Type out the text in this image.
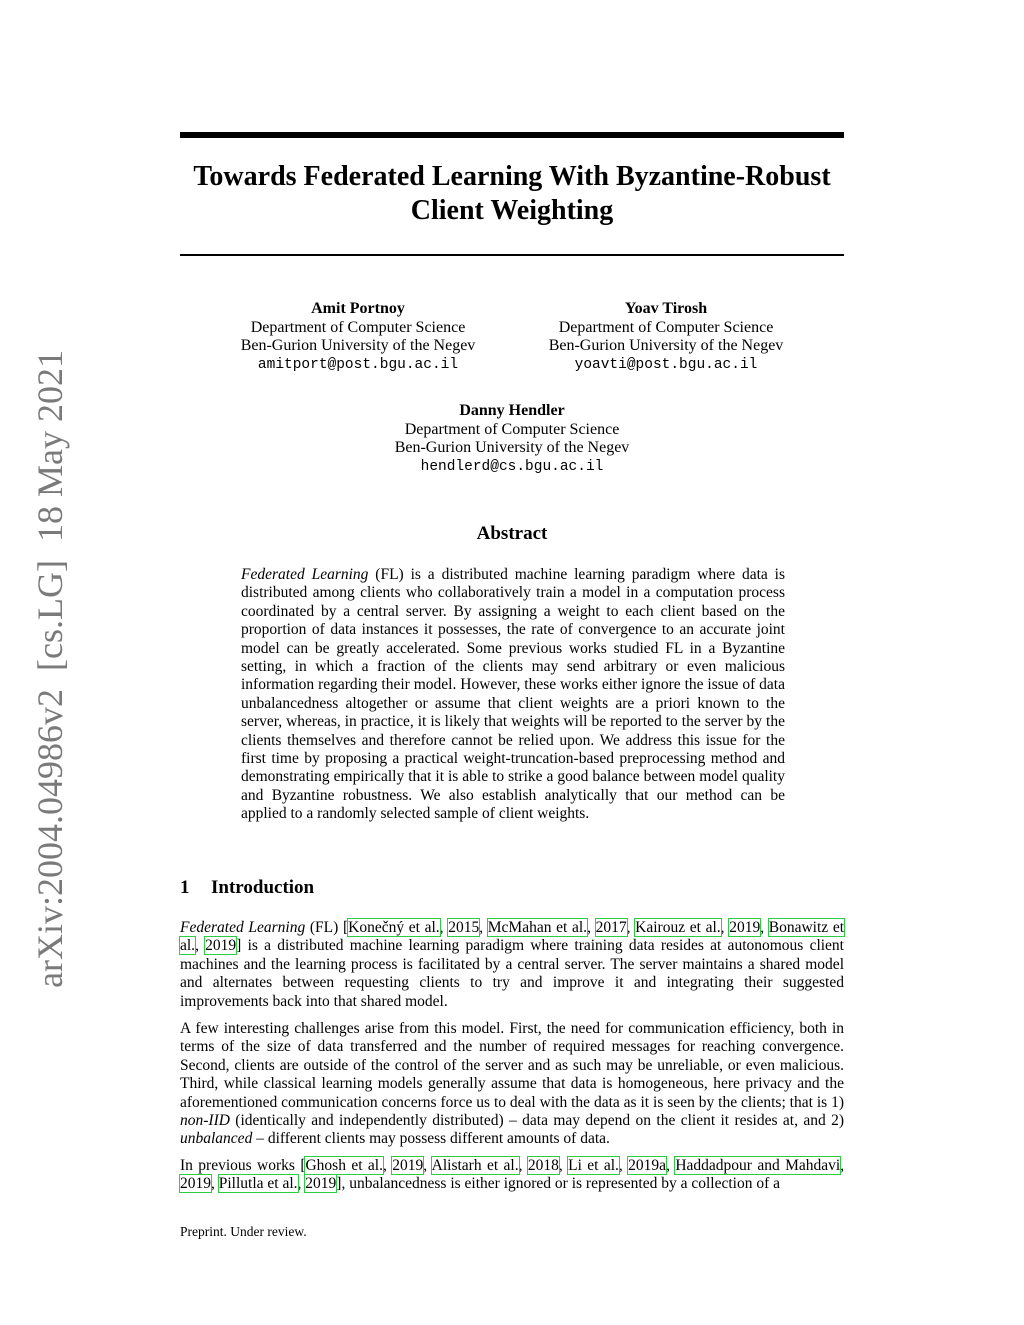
arXiv:2004.04986v2  [cs.LG]  18 May 2021
Towards Federated Learning With Byzantine-Robust
Client Weighting
Amit Portnoy
Department of Computer Science
Ben-Gurion University of the Negev
amitport@post.bgu.ac.il
Yoav Tirosh
Department of Computer Science
Ben-Gurion University of the Negev
yoavti@post.bgu.ac.il
Danny Hendler
Department of Computer Science
Ben-Gurion University of the Negev
hendlerd@cs.bgu.ac.il
Abstract
Federated Learning (FL) is a distributed machine learning paradigm where data is distributed among clients who collaboratively train a model in a computation process coordinated by a central server. By assigning a weight to each client based on the proportion of data instances it possesses, the rate of convergence to an accurate joint model can be greatly accelerated. Some previous works studied FL in a Byzantine setting, in which a fraction of the clients may send arbitrary or even malicious information regarding their model. However, these works either ignore the issue of data unbalancedness altogether or assume that client weights are a priori known to the server, whereas, in practice, it is likely that weights will be reported to the server by the clients themselves and therefore cannot be relied upon. We address this issue for the first time by proposing a practical weight-truncation-based preprocessing method and demonstrating empirically that it is able to strike a good balance between model quality and Byzantine robustness. We also establish analytically that our method can be applied to a randomly selected sample of client weights.
1 Introduction
Federated Learning (FL) [Konečný et al., 2015, McMahan et al., 2017, Kairouz et al., 2019, Bonawitz et al., 2019] is a distributed machine learning paradigm where training data resides at autonomous client machines and the learning process is facilitated by a central server. The server maintains a shared model and alternates between requesting clients to try and improve it and integrating their suggested improvements back into that shared model.
A few interesting challenges arise from this model. First, the need for communication efficiency, both in terms of the size of data transferred and the number of required messages for reaching convergence. Second, clients are outside of the control of the server and as such may be unreliable, or even malicious. Third, while classical learning models generally assume that data is homogeneous, here privacy and the aforementioned communication concerns force us to deal with the data as it is seen by the clients; that is 1) non-IID (identically and independently distributed) – data may depend on the client it resides at, and 2) unbalanced – different clients may possess different amounts of data.
In previous works [Ghosh et al., 2019, Alistarh et al., 2018, Li et al., 2019a, Haddadpour and Mahdavi, 2019, Pillutla et al., 2019], unbalancedness is either ignored or is represented by a collection of a
Preprint. Under review.
